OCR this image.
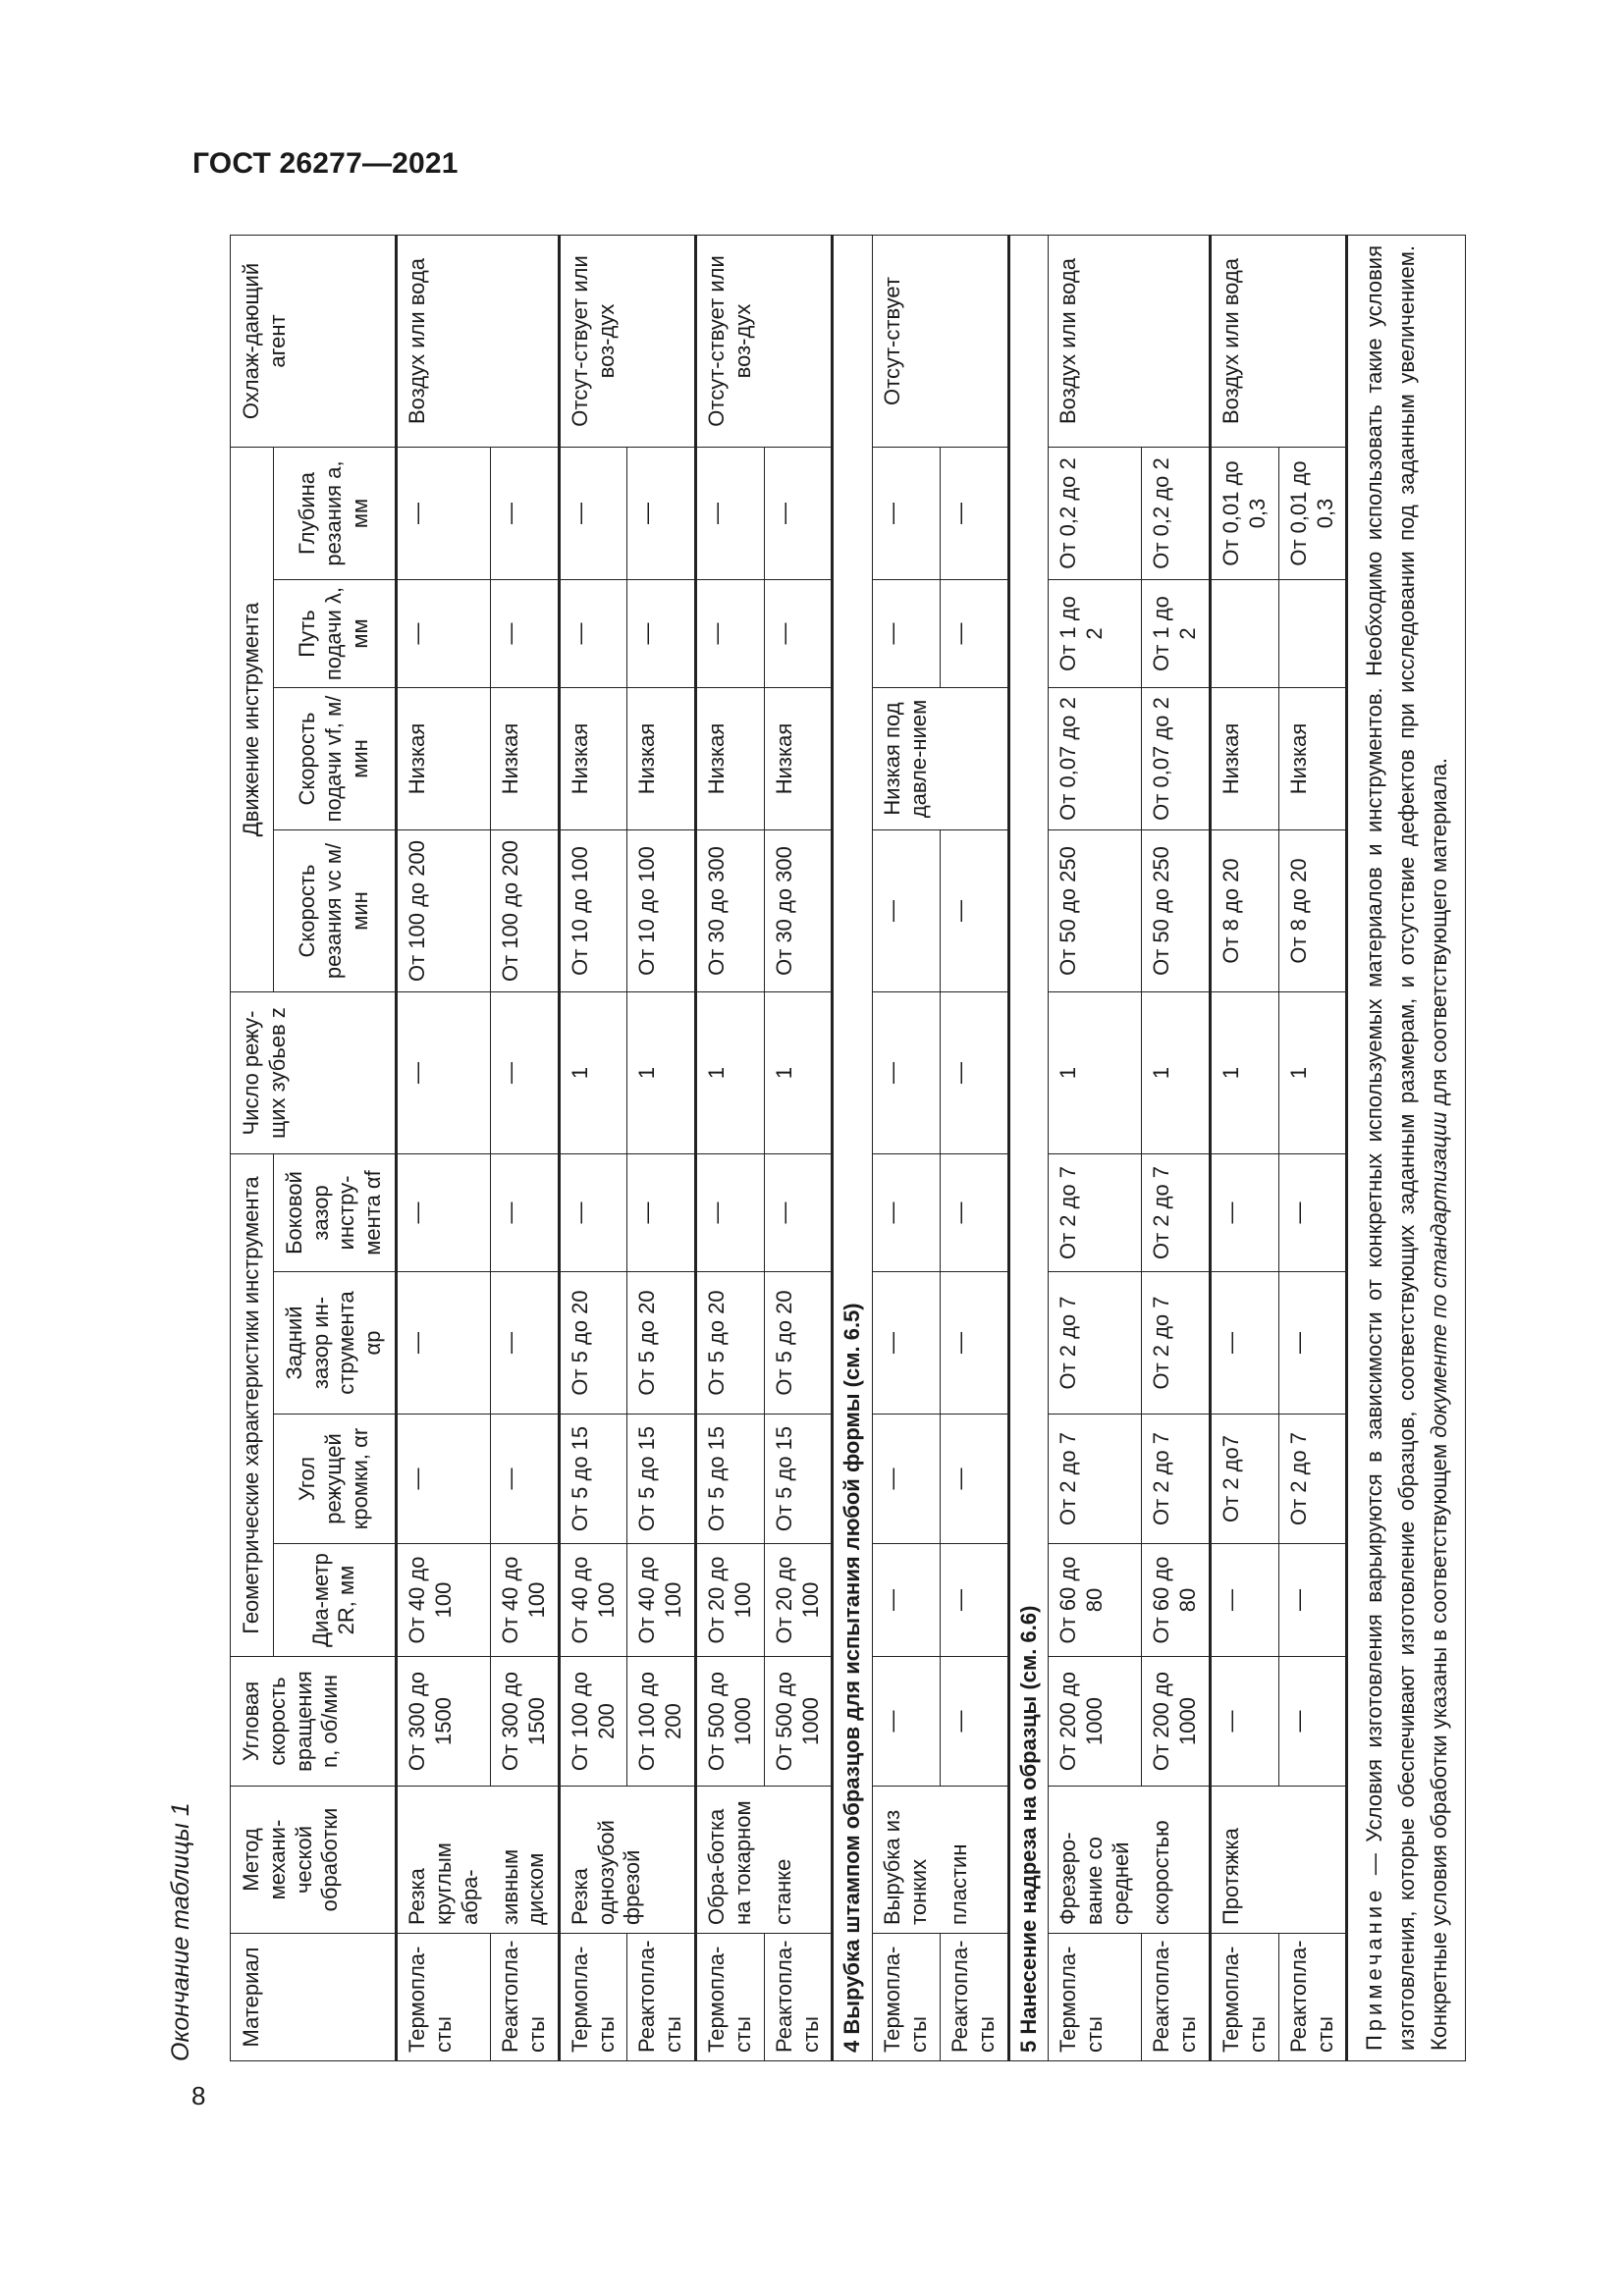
ГОСТ 26277—2021
Окончание таблицы 1 Материал	Метод механи-ческой обработки	Угловая скорость вращения n, об/мин	Геометрические характеристики инструмента				Число режу-щих зубьев z	Движение инструмента				Охлаж-дающий агент
			Диа-метр 2R, мм	Угол режущей кромки, αr	Задний зазор ин-струмента αp	Боковой зазор инстру-мента αf		Скорость резания vc м/мин	Скорость подачи vf, м/мин	Путь подачи λ, мм	Глубина резания a, мм	
Термопла-сты	Резка круглым абра-	От 300 до 1500	От 40 до 100	—	—	—	—	От 100 до 200	Низкая	—	—	Воздух или вода
Реактопла-сты	зивным диском	От 300 до 1500	От 40 до 100	—	—	—	—	От 100 до 200	Низкая	—	—	
Термопла-сты	Резка однозубой фрезой	От 100 до 200	От 40 до 100	От 5 до 15	От 5 до 20	—	1	От 10 до 100	Низкая	—	—	Отсут-ствует или воз-дух
Реактопла-сты		От 100 до 200	От 40 до 100	От 5 до 15	От 5 до 20	—	1	От 10 до 100	Низкая	—	—	
Термопла-сты	Обра-ботка на токарном	От 500 до 1000	От 20 до 100	От 5 до 15	От 5 до 20	—	1	От 30 до 300	Низкая	—	—	Отсут-ствует или воз-дух
Реактопла-сты	станке	От 500 до 1000	От 20 до 100	От 5 до 15	От 5 до 20	—	1	От 30 до 300	Низкая	—	—	
4 Вырубка штампом образцов для испытания любой формы (см. 6.5)												
Термопла-сты	Вырубка из тонких	—	—	—	—	—	—	—	Низкая под давле-нием	—	—	Отсут-ствует
Реактопла-сты	пластин	—	—	—	—	—	—	—		—	—	
5 Нанесение надреза на образцы (см. 6.6)												
Термопла-сты	Фрезеро-вание со средней	От 200 до 1000	От 60 до 80	От 2 до 7	От 2 до 7	От 2 до 7	1	От 50 до 250	От 0,07 до 2	От 1 до 2	От 0,2 до 2	Воздух или вода
Реактопла-сты	скоростью	От 200 до 1000	От 60 до 80	От 2 до 7	От 2 до 7	От 2 до 7	1	От 50 до 250	От 0,07 до 2	От 1 до 2	От 0,2 до 2	
Термопла-сты	Протяжка	—	—	От 2 до7	—	—	1	От 8 до 20	Низкая		От 0,01 до 0,3	Воздух или вода
Реактопла-сты		—	—	От 2 до 7	—	—	1	От 8 до 20	Низкая		От 0,01 до 0,3	
Примечание — Условия изготовления варьируются в зависимости от конкретных используемых материалов и инструментов. Необходимо использовать такие условия изготовления, которые обеспечивают изготовление образцов, соответствующих заданным размерам, и отсутствие дефектов при исследовании под заданным увеличением. Конкретные условия обработки указаны в соответствующем документе по стандартизации для соответствующего материала.												
8
